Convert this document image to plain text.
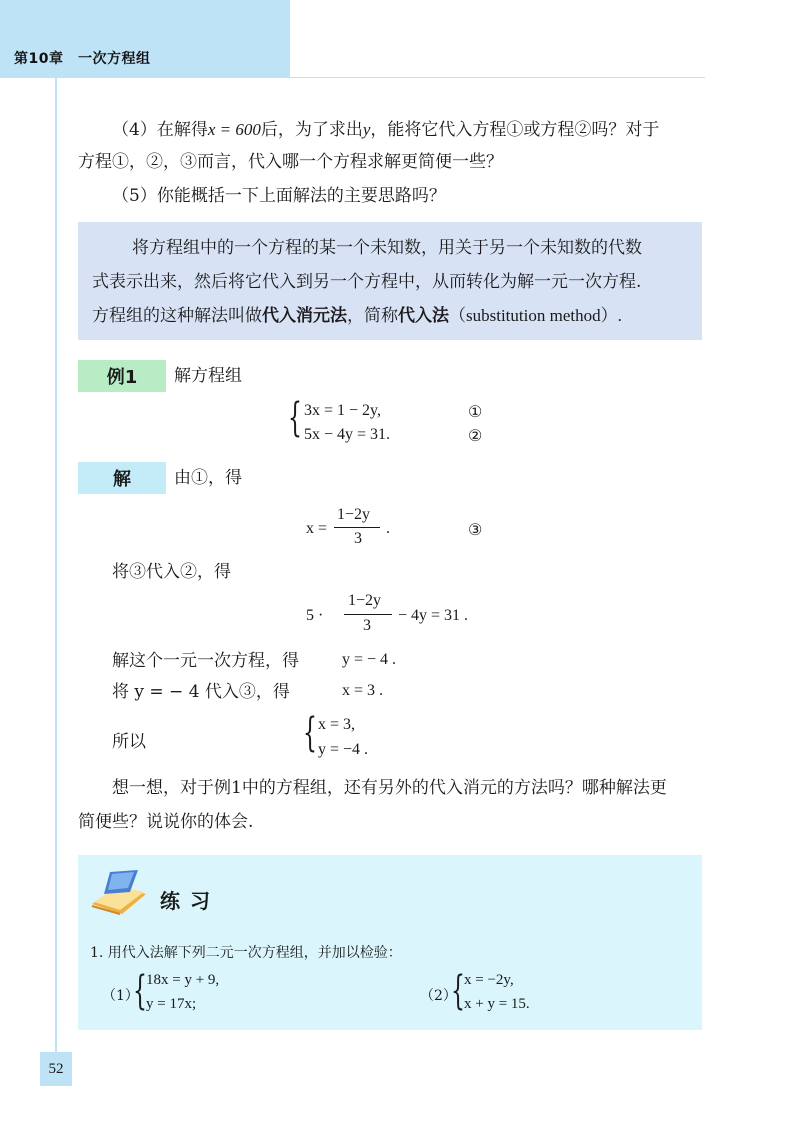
第10章　一次方程组
（4）在解得x = 600后，为了求出y，能将它代入方程①或方程②吗？对于
方程①，②，③而言，代入哪一个方程求解更简便一些？
（5）你能概括一下上面解法的主要思路吗？
将方程组中的一个方程的某一个未知数，用关于另一个未知数的代数
式表示出来，然后将它代入到另一个方程中，从而转化为解一元一次方程.
方程组的这种解法叫做代入消元法，简称代入法（substitution method）.
例1	解方程组
{ 3x = 1 − 2y,	①
5x − 4y = 31.	②
解	由①，得
x =
1−2y
3
.	③
将③代入②，得
5 ·
1−2y
3
− 4y = 31 .
解这个一元一次方程，得	y = − 4 .
将 y = − 4 代入③，得	x = 3 .
所以	{ x = 3,
y = −4 .
想一想，对于例1中的方程组，还有另外的代入消元的方法吗？哪种解法更
简便些？说说你的体会.
练习
1. 用代入法解下列二元一次方程组，并加以检验：
（1）
{ 18x = y + 9,
y = 17x;	（2）
{ x = −2y,
x + y = 15.
52
